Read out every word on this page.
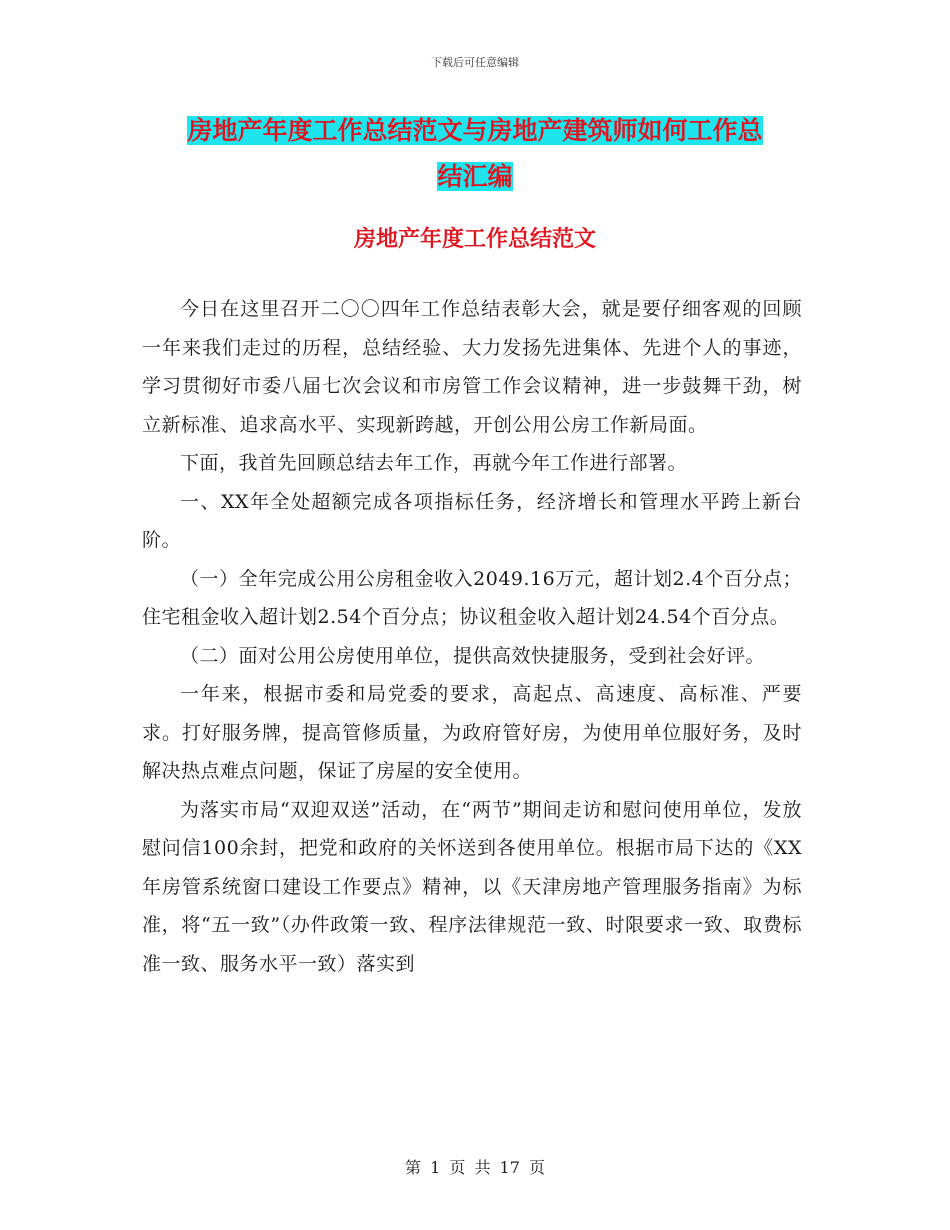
下载后可任意编辑
房地产年度工作总结范文与房地产建筑师如何工作总
结汇编
房地产年度工作总结范文

今日在这里召开二〇〇四年工作总结表彰大会，就是要仔细客观的回顾一年来我们走过的历程，总结经验、大力发扬先进集体、先进个人的事迹，学习贯彻好市委八届七次会议和市房管工作会议精神，进一步鼓舞干劲，树立新标准、追求高水平、实现新跨越，开创公用公房工作新局面。

下面，我首先回顾总结去年工作，再就今年工作进行部署。

一、XX年全处超额完成各项指标任务，经济增长和管理水平跨上新台阶。

（一）全年完成公用公房租金收入2049.16万元，超计划2.4个百分点；住宅租金收入超计划2.54个百分点；协议租金收入超计划24.54个百分点。

（二）面对公用公房使用单位，提供高效快捷服务，受到社会好评。

一年来，根据市委和局党委的要求，高起点、高速度、高标准、严要求。打好服务牌，提高管修质量，为政府管好房，为使用单位服好务，及时解决热点难点问题，保证了房屋的安全使用。

为落实市局“双迎双送”活动，在“两节”期间走访和慰问使用单位，发放慰问信100余封，把党和政府的关怀送到各使用单位。根据市局下达的《XX年房管系统窗口建设工作要点》精神，以《天津房地产管理服务指南》为标准，将“五一致”（办件政策一致、程序法律规范一致、时限要求一致、取费标准一致、服务水平一致）落实到

第 1 页 共 17 页
